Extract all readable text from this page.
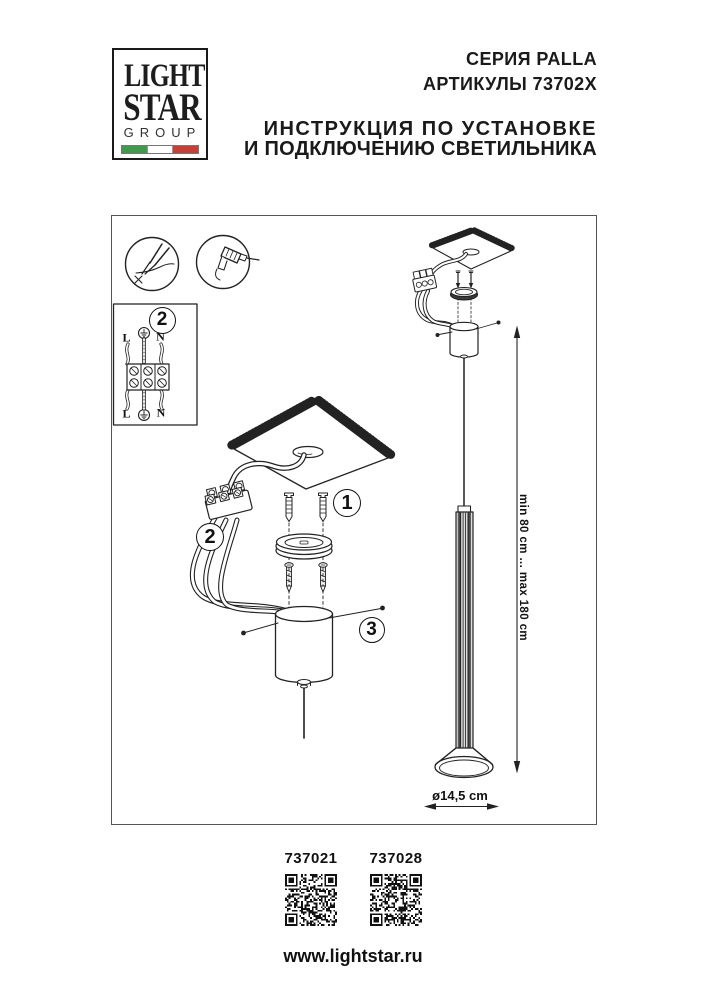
LIGHT
STAR
GROUP
СЕРИЯ PALLA
АРТИКУЛЫ 73702X
ИНСТРУКЦИЯ ПО УСТАНОВКЕ
И ПОДКЛЮЧЕНИЮ СВЕТИЛЬНИКА
2
1
2
3
L N
L N
min 80 cm ... max 180 cm
ø14,5 cm
737021	737028
www.lightstar.ru
